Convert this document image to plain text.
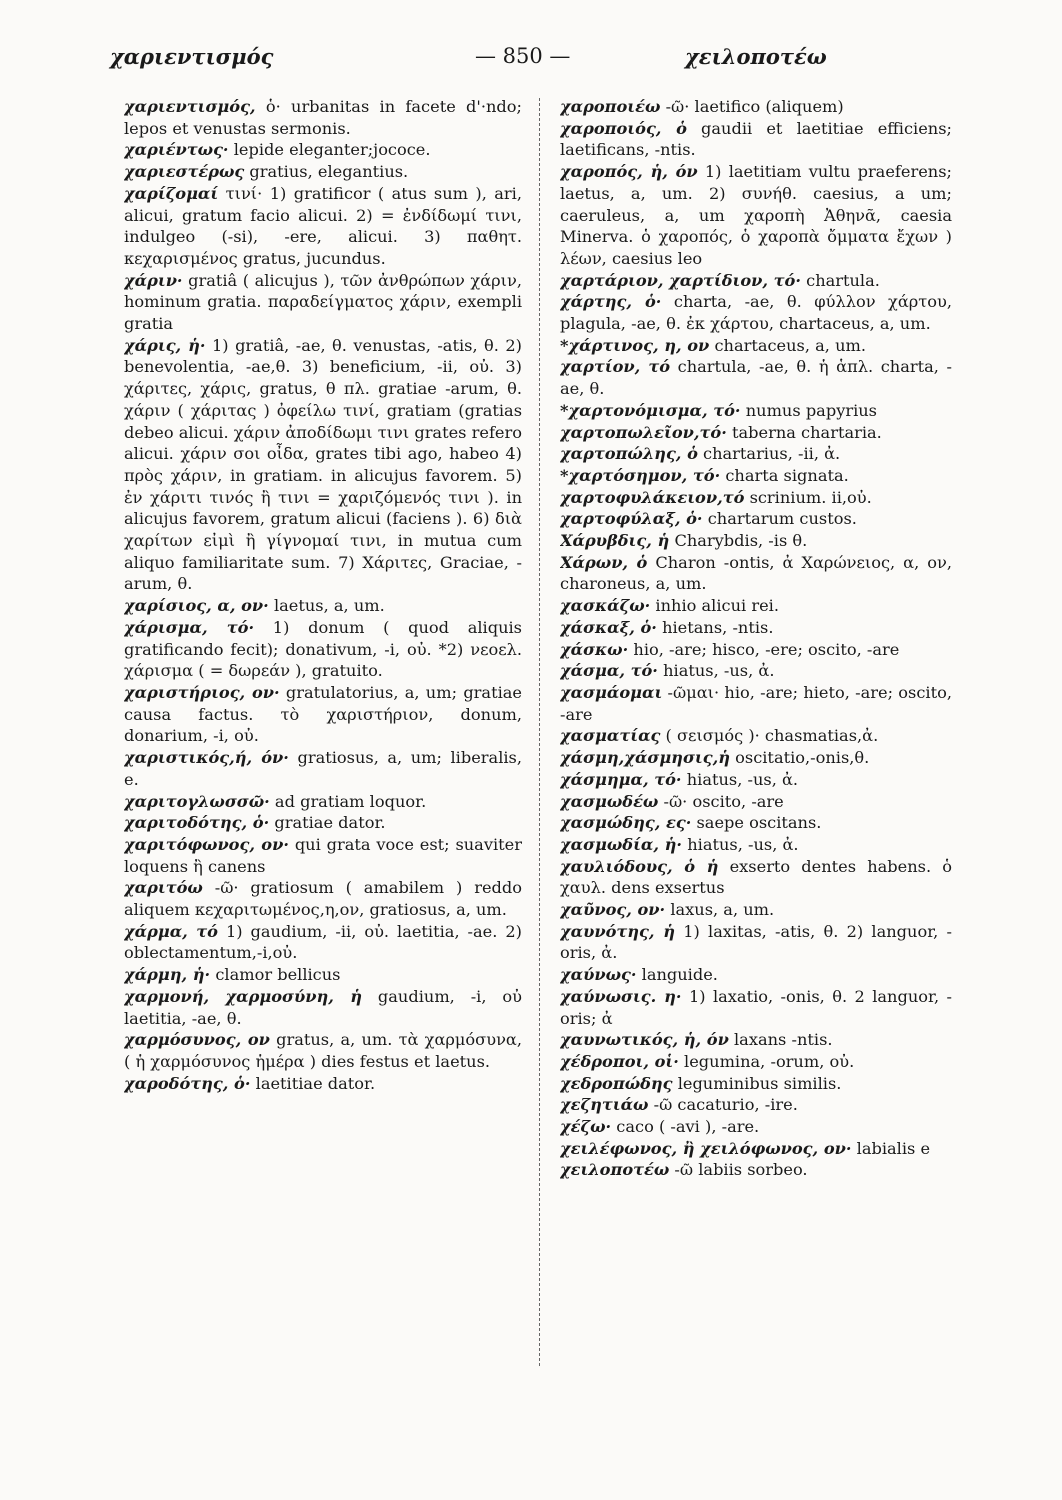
χαριεντισμός	— 850 —	χειλοποτέω
χαριεντισμός, ὁ· urbanitas in facete d'·ndo; lepos et venustas sermonis.
χαριέντως· lepide eleganter;jococe.
χαριεστέρως gratius, elegantius.
χαρίζομαί τινί· 1) gratificor ( atus sum ), ari, alicui, gratum facio alicui. 2) = ἐνδίδωμί τινι, indulgeo (-si), -ere, alicui. 3) παθητ. κεχαρισμένος gratus, jucundus.
χάριν· gratiâ ( alicujus ), τῶν ἀνθρώπων χάριν, hominum gratia. παραδείγματος χάριν, exempli gratia
χάρις, ἡ· 1) gratiâ, -ae, θ. venustas, -atis, θ. 2) benevolentia, -ae,θ. 3) beneficium, -ii, οὐ. 3) χάριτες, χάρις, gratus, θ πλ. gratiae -arum, θ. χάριν ( χάριτας ) ὀφείλω τινί, gratiam (gratias debeo alicui. χάριν ἀποδίδωμι τινι grates refero alicui. χάριν σοι οἶδα, grates tibi ago, habeo 4) πρὸς χάριν, in gratiam. in alicujus favorem. 5) ἐν χάριτι τινός ἢ τινι = χαριζόμενός τινι ). in alicujus favorem, gratum alicui (faciens ). 6) διὰ χαρίτων εἰμὶ ἢ γίγνομαί τινι, in mutua cum aliquo familiaritate sum. 7) Χάριτες, Graciae, -arum, θ.
χαρίσιος, α, ον· laetus, a, um.
χάρισμα, τό· 1) donum ( quod aliquis gratificando fecit); donativum, -i, οὐ. *2) νεοελ. χάρισμα ( = δωρεάν ), gratuito.
χαριστήριος, ον· gratulatorius, a, um; gratiae causa factus. τὸ χαριστήριον, donum, donarium, -i, οὐ.
χαριστικός,ή, όν· gratiosus, a, um; liberalis, e.
χαριτογλωσσῶ· ad gratiam loquor.
χαριτοδότης, ὁ· gratiae dator.
χαριτόφωνος, ον· qui grata voce est; suaviter loquens ἢ canens
χαριτόω -ῶ· gratiosum ( amabilem ) reddo aliquem κεχαριτωμένος,η,ον, gratiosus, a, um.
χάρμα, τό 1) gaudium, -ii, οὐ. laetitia, -ae. 2) oblectamentum,-i,οὐ.
χάρμη, ἡ· clamor bellicus
χαρμονή, χαρμοσύνη, ἡ gaudium, -i, οὐ laetitia, -ae, θ.
χαρμόσυνος, ον gratus, a, um. τὰ χαρμόσυνα, ( ἡ χαρμόσυνος ἡμέρα ) dies festus et laetus.
χαροδότης, ὁ· laetitiae dator.
χαροποιέω -ῶ· laetifico (aliquem)
χαροποιός, ὁ gaudii et laetitiae efficiens; laetificans, -ntis.
χαροπός, ἡ, όν 1) laetitiam vultu praeferens; laetus, a, um. 2) συνήθ. caesius, a um; caeruleus, a, um χαροπὴ Ἀθηνᾶ, caesia Minerva. ὁ χαροπός, ὁ χαροπὰ ὄμματα ἔχων ) λέων, caesius leo
χαρτάριον, χαρτίδιον, τό· chartula.
χάρτης, ὁ· charta, -ae, θ. φύλλον χάρτου, plagula, -ae, θ. ἐκ χάρτου, chartaceus, a, um.
*χάρτινος, η, ον chartaceus, a, um.
χαρτίον, τό chartula, -ae, θ. ἡ ἁπλ. charta, -ae, θ.
*χαρτονόμισμα, τό· numus papyrius
χαρτοπωλεῖον,τό· taberna chartaria.
χαρτοπώλης, ὁ chartarius, -ii, ἀ.
*χαρτόσημον, τό· charta signata.
χαρτοφυλάκειον,τό scrinium. ii,οὐ.
χαρτοφύλαξ, ὁ· chartarum custos.
Χάρυβδις, ἡ Charybdis, -is θ.
Χάρων, ὁ Charon -ontis, ἀ Χαρώνειος, α, ον, charoneus, a, um.
χασκάζω· inhio alicui rei.
χάσκαξ, ὁ· hietans, -ntis.
χάσκω· hio, -are; hisco, -ere; oscito, -are
χάσμα, τό· hiatus, -us, ἀ.
χασμάομαι -ῶμαι· hio, -are; hieto, -are; oscito, -are
χασματίας ( σεισμός )· chasmatias,ἀ.
χάσμη,χάσμησις,ἡ oscitatio,-onis,θ.
χάσμημα, τό· hiatus, -us, ἀ.
χασμωδέω -ῶ· oscito, -are
χασμώδης, ες· saepe oscitans.
χασμωδία, ἡ· hiatus, -us, ἀ.
χαυλιόδους, ὁ ἡ exserto dentes habens. ὁ χαυλ. dens exsertus
χαῦνος, ον· laxus, a, um.
χαυνότης, ἡ 1) laxitas, -atis, θ. 2) languor, -oris, ἀ.
χαύνως· languide.
χαύνωσις. η· 1) laxatio, -onis, θ. 2 languor, -oris; ἀ
χαυνωτικός, ἡ, όν laxans -ntis.
χέδροποι, οἱ· legumina, -orum, οὐ.
χεδροπώδης leguminibus similis.
χεζητιάω -ῶ cacaturio, -ire.
χέζω· caco ( -avi ), -are.
χειλέφωνος, ἢ χειλόφωνος, ον· labialis e
χειλοποτέω -ῶ labiis sorbeo.
